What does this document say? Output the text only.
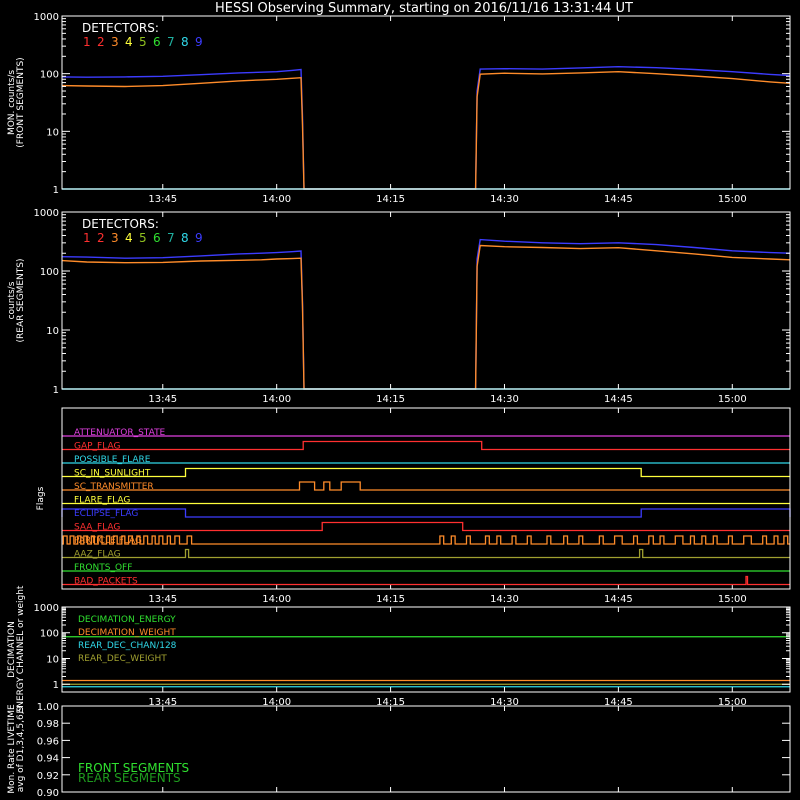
HESSI Observing Summary, starting on 2016/11/16 13:31:44 UT
1
10
100
1000
13:45	14:00	14:15	14:30	14:45	15:00
MON. counts/s (FRONT SEGMENTS)
DETECTORS:
1 2 3 4 5 6 7 8 9
1
10
100
1000
13:45	14:00	14:15	14:30	14:45	15:00
counts/s (REAR SEGMENTS)
DETECTORS:
1 2 3 4 5 6 7 8 9
13:45	14:00	14:15	14:30	14:45	15:00
Flags
ATTENUATOR_STATE
GAP_FLAG
POSSIBLE_FLARE
SC_IN_SUNLIGHT
SC_TRANSMITTER
FLARE_FLAG
ECLIPSE_FLAG
SAA_FLAG
PARTICLE FLAG
AAZ_FLAG
FRONTS_OFF
BAD_PACKETS
DECIMATION_ENERGY
DECIMATION_WEIGHT
REAR_DEC_CHAN/128
REAR_DEC_WEIGHT
1
10
100
1000
13:45	14:00	14:15	14:30	14:45	15:00
DECIMATION ENERGY CHANNEL or weight
0.90
0.92
0.94
0.96
0.98
1.00
Mon. Rate LIVETIME avg of D1,3,4,5,6,9	FRONT SEGMENTS
REAR SEGMENTS
